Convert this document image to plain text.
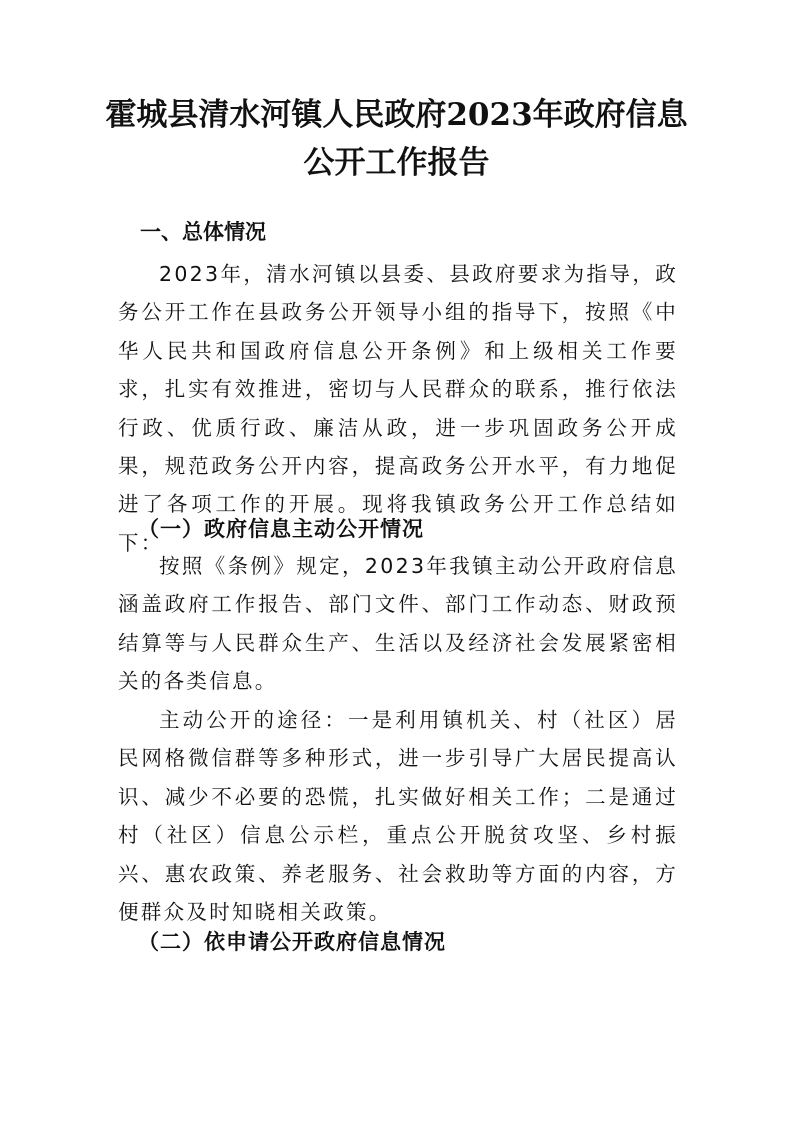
霍城县清水河镇人民政府2023年政府信息
公开工作报告
一、总体情况
2023年，清水河镇以县委、县政府要求为指导，政务公开工作在县政务公开领导小组的指导下，按照《中华人民共和国政府信息公开条例》和上级相关工作要求，扎实有效推进，密切与人民群众的联系，推行依法行政、优质行政、廉洁从政，进一步巩固政务公开成果，规范政务公开内容，提高政务公开水平，有力地促进了各项工作的开展。现将我镇政务公开工作总结如下：
（一）政府信息主动公开情况
按照《条例》规定，2023年我镇主动公开政府信息涵盖政府工作报告、部门文件、部门工作动态、财政预结算等与人民群众生产、生活以及经济社会发展紧密相关的各类信息。
主动公开的途径：一是利用镇机关、村（社区）居民网格微信群等多种形式，进一步引导广大居民提高认识、减少不必要的恐慌，扎实做好相关工作；二是通过村（社区）信息公示栏，重点公开脱贫攻坚、乡村振兴、惠农政策、养老服务、社会救助等方面的内容，方便群众及时知晓相关政策。
（二）依申请公开政府信息情况
